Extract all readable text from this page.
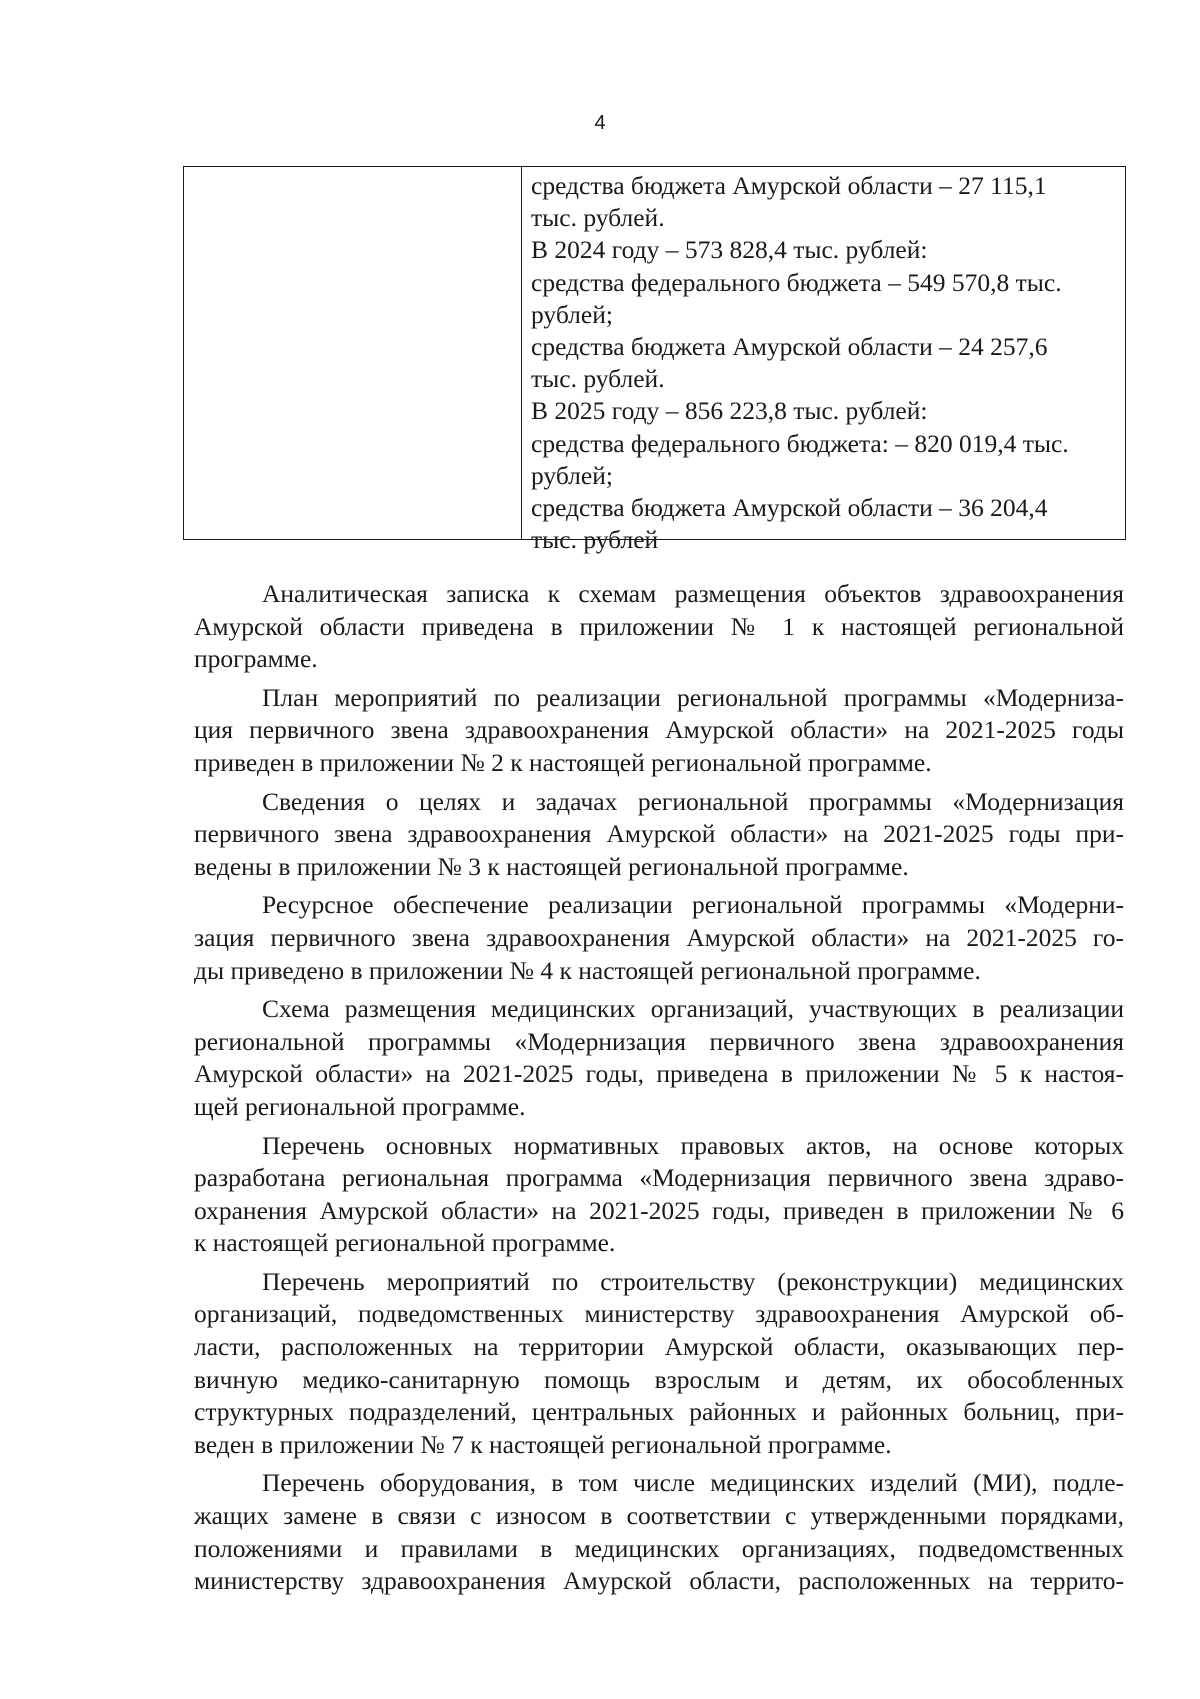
4
средства бюджета Амурской области – 27 115,1
тыс. рублей.
В 2024 году – 573 828,4 тыс. рублей:
средства федерального бюджета – 549 570,8 тыс.
рублей;
средства бюджета Амурской области – 24 257,6
тыс. рублей.
В 2025 году – 856 223,8 тыс. рублей:
средства федерального бюджета: – 820 019,4 тыс.
рублей;
средства бюджета Амурской области – 36 204,4
тыс. рублей
Аналитическая записка к схемам размещения объектов здравоохранения
Амурской области приведена в приложении № 1 к настоящей региональной
программе.
План мероприятий по реализации региональной программы «Модерниза-
ция первичного звена здравоохранения Амурской области» на 2021-2025 годы
приведен в приложении № 2 к настоящей региональной программе.
Сведения о целях и задачах региональной программы «Модернизация
первичного звена здравоохранения Амурской области» на 2021-2025 годы при-
ведены в приложении № 3 к настоящей региональной программе.
Ресурсное обеспечение реализации региональной программы «Модерни-
зация первичного звена здравоохранения Амурской области» на 2021-2025 го-
ды приведено в приложении № 4 к настоящей региональной программе.
Схема размещения медицинских организаций, участвующих в реализации
региональной программы «Модернизация первичного звена здравоохранения
Амурской области» на 2021-2025 годы, приведена в приложении № 5 к настоя-
щей региональной программе.
Перечень основных нормативных правовых актов, на основе которых
разработана региональная программа «Модернизация первичного звена здраво-
охранения Амурской области» на 2021-2025 годы, приведен в приложении № 6
к настоящей региональной программе.
Перечень мероприятий по строительству (реконструкции) медицинских
организаций, подведомственных министерству здравоохранения Амурской об-
ласти, расположенных на территории Амурской области, оказывающих пер-
вичную медико-санитарную помощь взрослым и детям, их обособленных
структурных подразделений, центральных районных и районных больниц, при-
веден в приложении № 7 к настоящей региональной программе.
Перечень оборудования, в том числе медицинских изделий (МИ), подле-
жащих замене в связи с износом в соответствии с утвержденными порядками,
положениями и правилами в медицинских организациях, подведомственных
министерству здравоохранения Амурской области, расположенных на террито-
